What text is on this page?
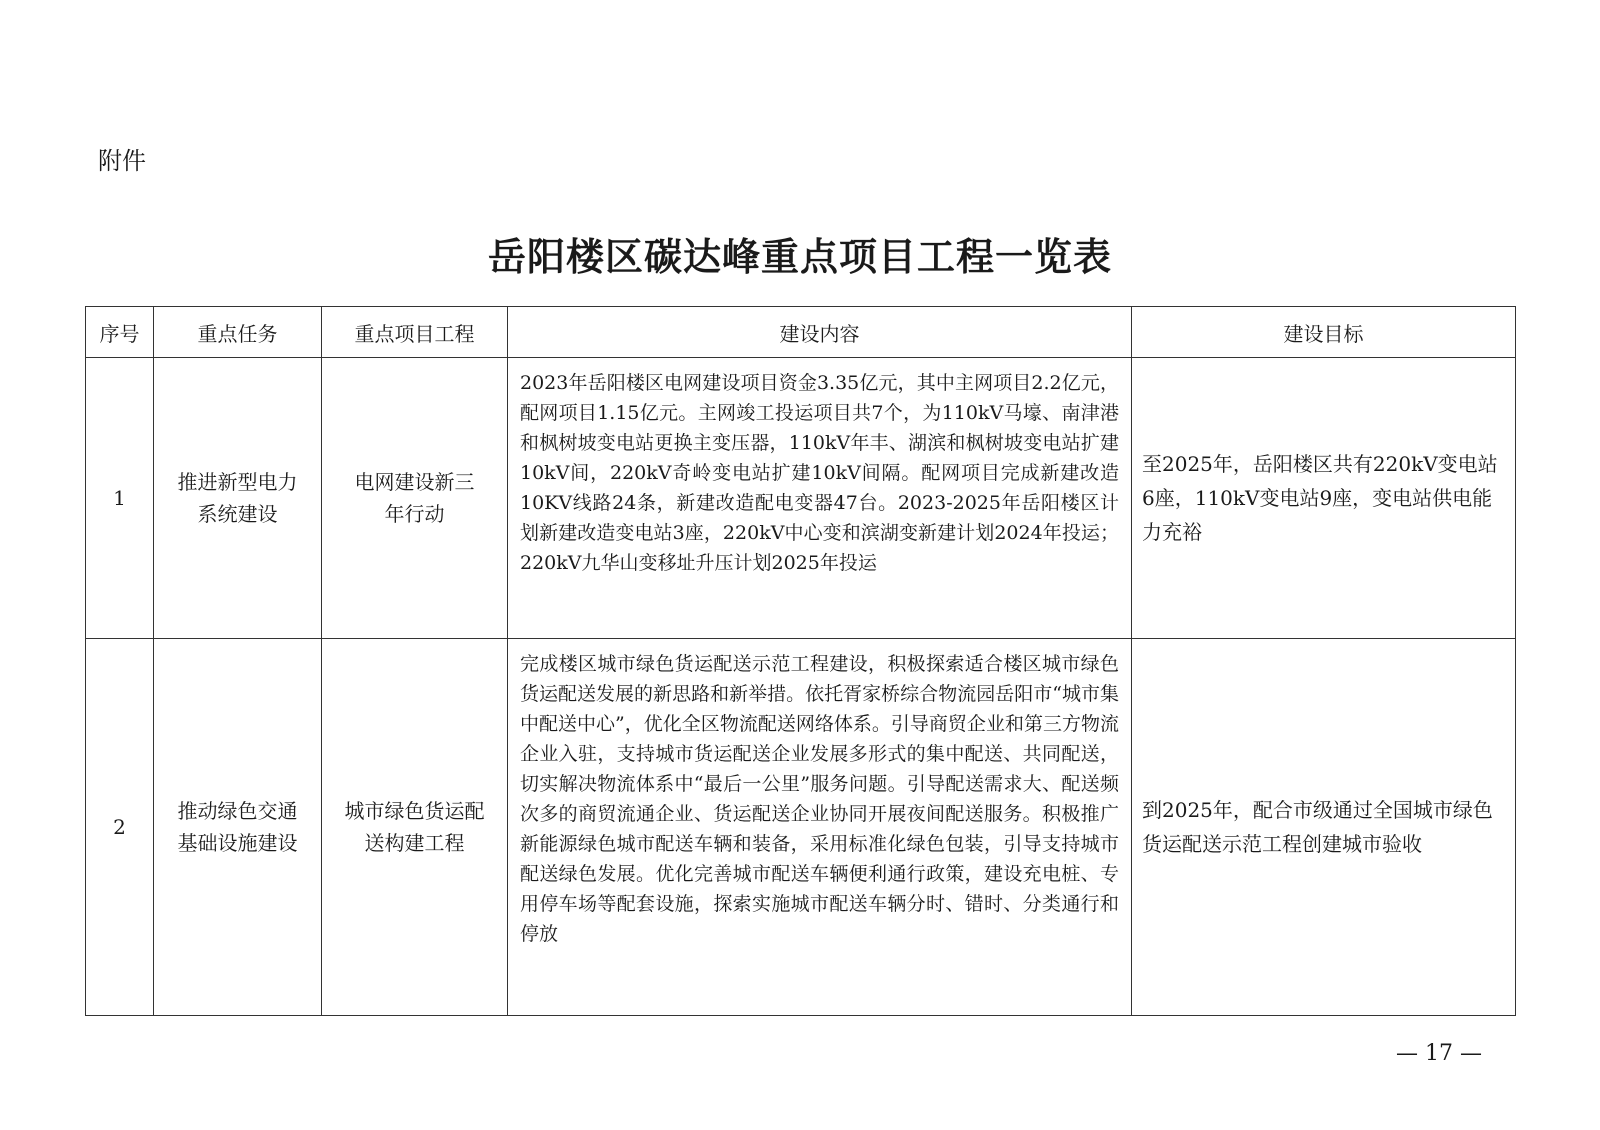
附件
岳阳楼区碳达峰重点项目工程一览表
序号	重点任务	重点项目工程	建设内容	建设目标
1	推进新型电力系统建设	电网建设新三年行动	2023年岳阳楼区电网建设项目资金3.35亿元，其中主网项目2.2亿元，配网项目1.15亿元。主网竣工投运项目共7个，为110kV马壕、南津港和枫树坡变电站更换主变压器，110kV年丰、湖滨和枫树坡变电站扩建10kV间，220kV奇岭变电站扩建10kV间隔。配网项目完成新建改造10KV线路24条，新建改造配电变器47台。2023-2025年岳阳楼区计划新建改造变电站3座，220kV中心变和滨湖变新建计划2024年投运；220kV九华山变移址升压计划2025年投运	至2025年，岳阳楼区共有220kV变电站6座，110kV变电站9座，变电站供电能力充裕
2	推动绿色交通基础设施建设	城市绿色货运配送构建工程	完成楼区城市绿色货运配送示范工程建设，积极探索适合楼区城市绿色货运配送发展的新思路和新举措。依托胥家桥综合物流园岳阳市“城市集中配送中心”，优化全区物流配送网络体系。引导商贸企业和第三方物流企业入驻，支持城市货运配送企业发展多形式的集中配送、共同配送，切实解决物流体系中“最后一公里”服务问题。引导配送需求大、配送频次多的商贸流通企业、货运配送企业协同开展夜间配送服务。积极推广新能源绿色城市配送车辆和装备，采用标准化绿色包装，引导支持城市配送绿色发展。优化完善城市配送车辆便利通行政策，建设充电桩、专用停车场等配套设施，探索实施城市配送车辆分时、错时、分类通行和停放	到2025年，配合市级通过全国城市绿色货运配送示范工程创建城市验收
— 17 —
